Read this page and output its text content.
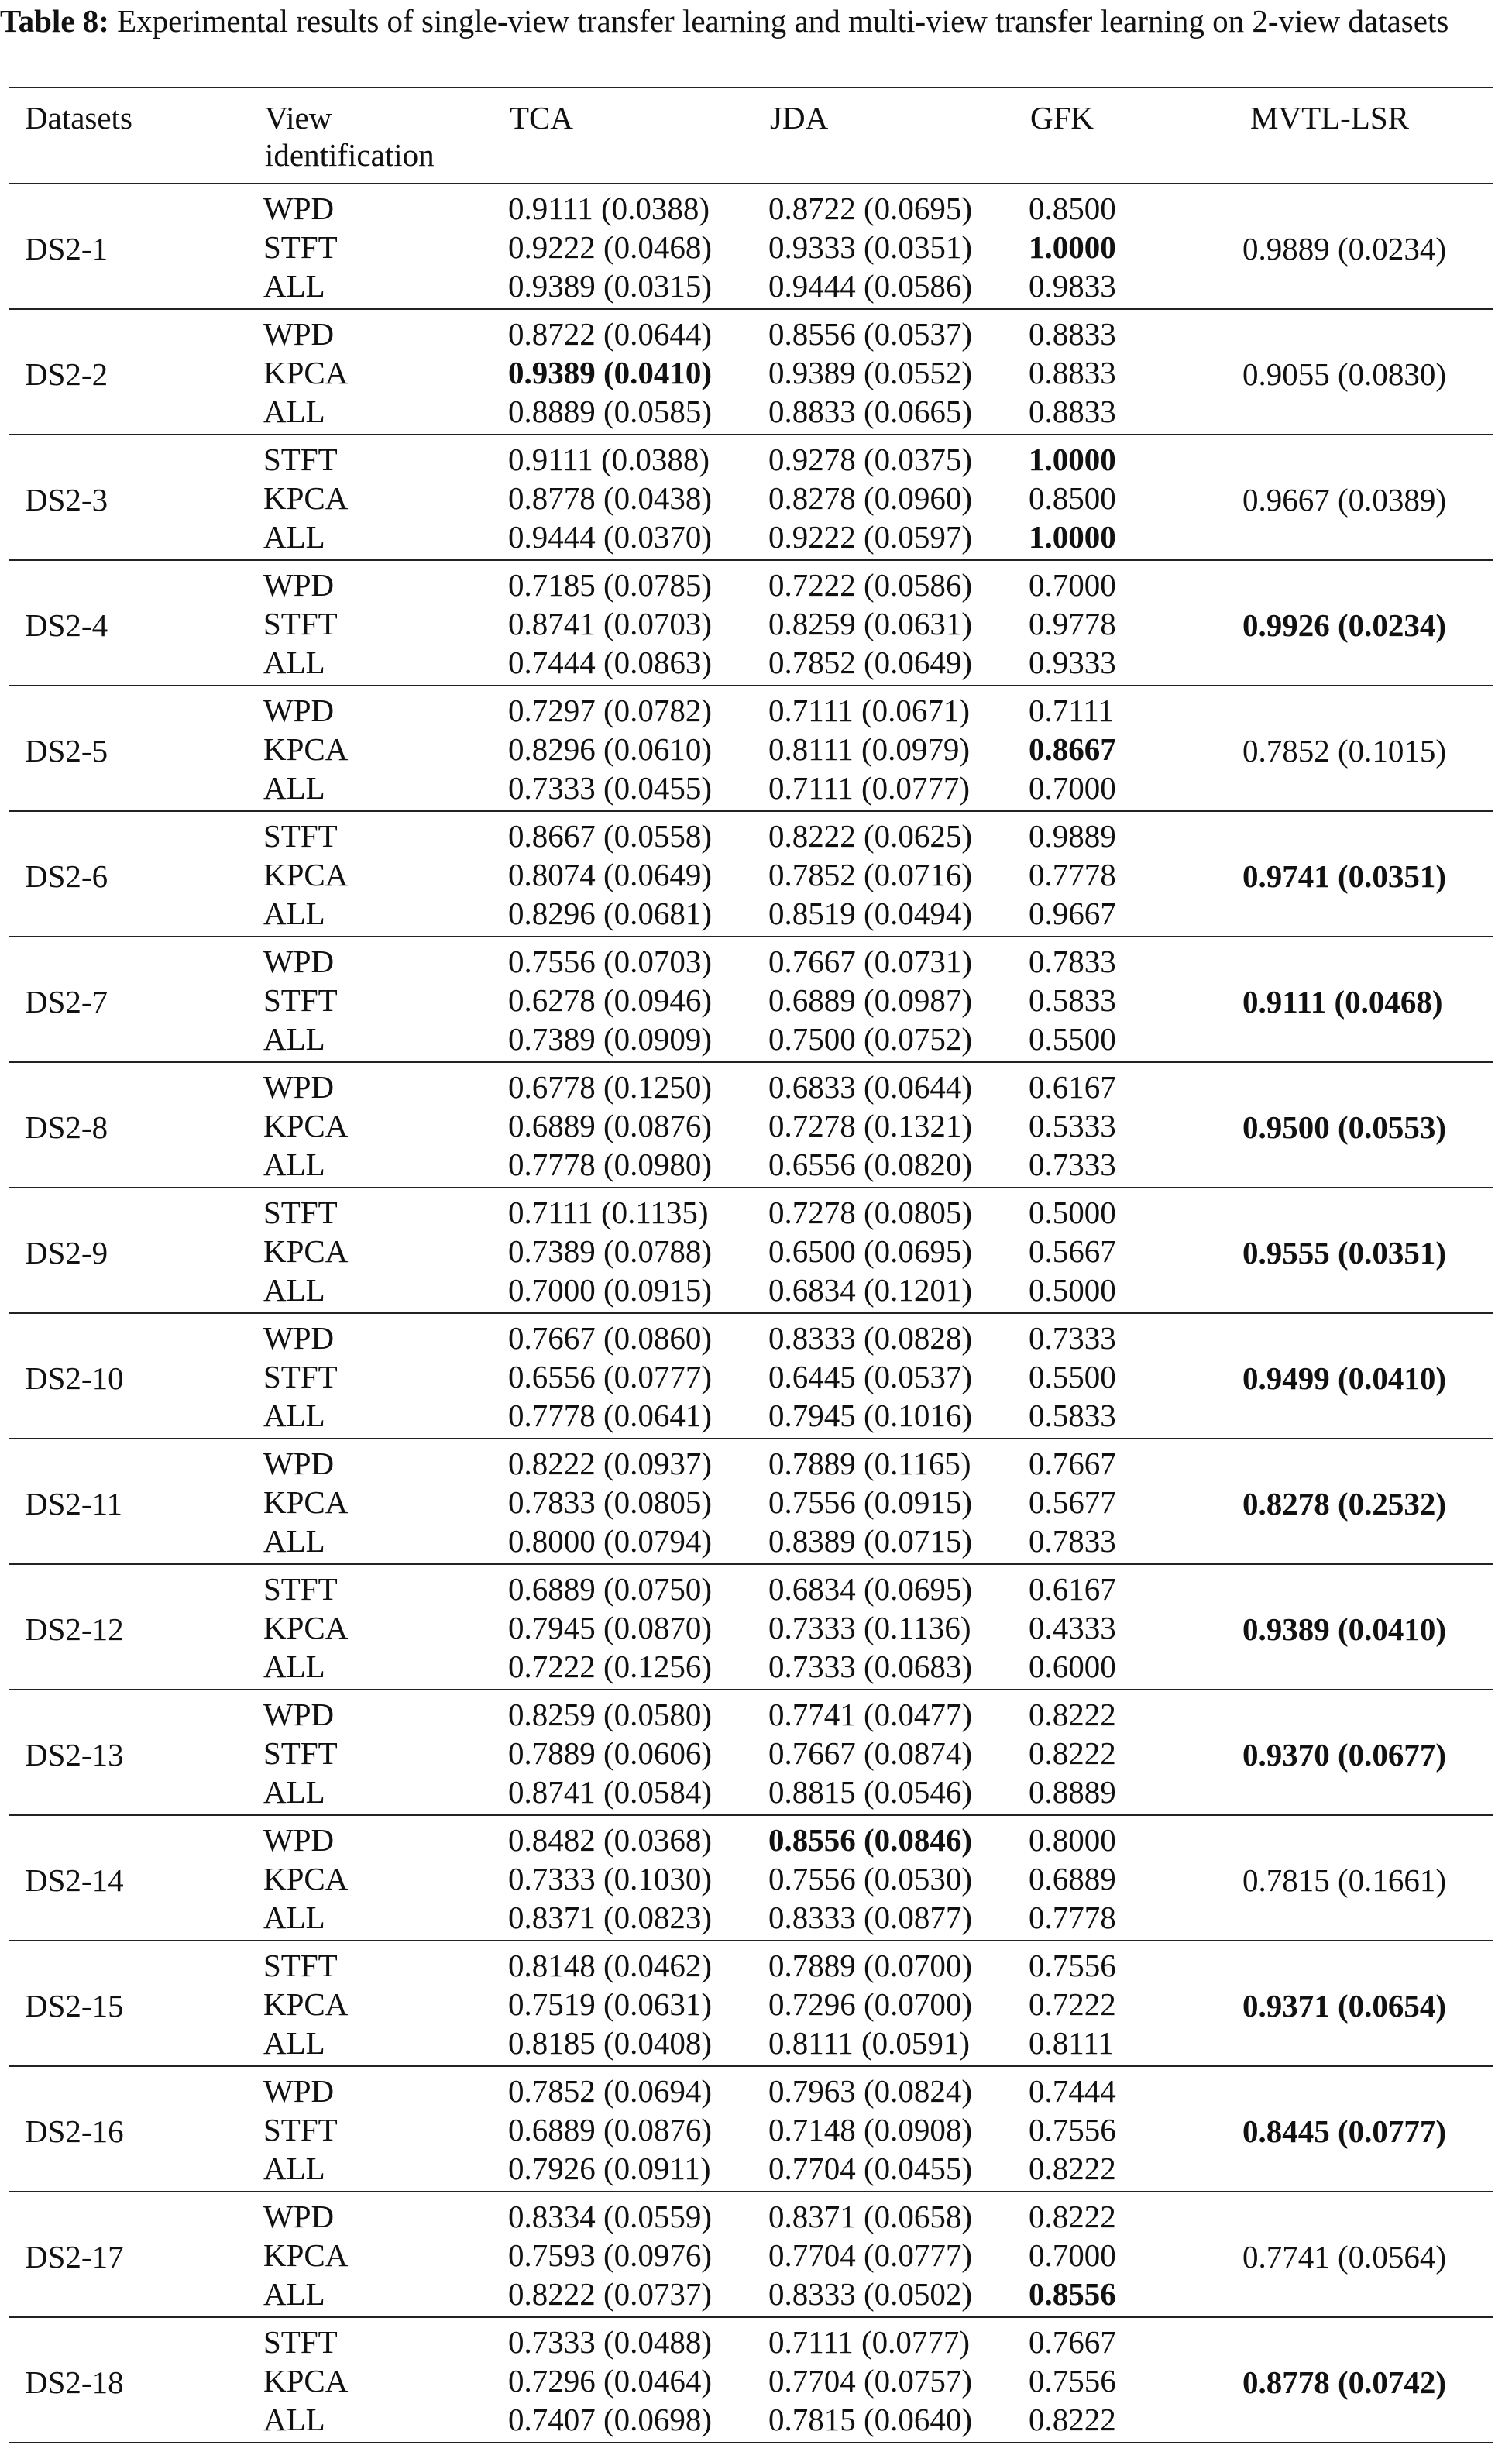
Table 8: Experimental results of single-view transfer learning and multi-view transfer learning on 2-view datasets
Datasets	View identification	TCA	JDA	GFK	MVTL-LSR
DS2-1	WPD	0.9111 (0.0388)	0.8722 (0.0695)	0.8500	0.9889 (0.0234)
	STFT	0.9222 (0.0468)	0.9333 (0.0351)	1.0000	
	ALL	0.9389 (0.0315)	0.9444 (0.0586)	0.9833	
DS2-2	WPD	0.8722 (0.0644)	0.8556 (0.0537)	0.8833	0.9055 (0.0830)
	KPCA	0.9389 (0.0410)	0.9389 (0.0552)	0.8833	
	ALL	0.8889 (0.0585)	0.8833 (0.0665)	0.8833	
DS2-3	STFT	0.9111 (0.0388)	0.9278 (0.0375)	1.0000	0.9667 (0.0389)
	KPCA	0.8778 (0.0438)	0.8278 (0.0960)	0.8500	
	ALL	0.9444 (0.0370)	0.9222 (0.0597)	1.0000	
DS2-4	WPD	0.7185 (0.0785)	0.7222 (0.0586)	0.7000	0.9926 (0.0234)
	STFT	0.8741 (0.0703)	0.8259 (0.0631)	0.9778	
	ALL	0.7444 (0.0863)	0.7852 (0.0649)	0.9333	
DS2-5	WPD	0.7297 (0.0782)	0.7111 (0.0671)	0.7111	0.7852 (0.1015)
	KPCA	0.8296 (0.0610)	0.8111 (0.0979)	0.8667	
	ALL	0.7333 (0.0455)	0.7111 (0.0777)	0.7000	
DS2-6	STFT	0.8667 (0.0558)	0.8222 (0.0625)	0.9889	0.9741 (0.0351)
	KPCA	0.8074 (0.0649)	0.7852 (0.0716)	0.7778	
	ALL	0.8296 (0.0681)	0.8519 (0.0494)	0.9667	
DS2-7	WPD	0.7556 (0.0703)	0.7667 (0.0731)	0.7833	0.9111 (0.0468)
	STFT	0.6278 (0.0946)	0.6889 (0.0987)	0.5833	
	ALL	0.7389 (0.0909)	0.7500 (0.0752)	0.5500	
DS2-8	WPD	0.6778 (0.1250)	0.6833 (0.0644)	0.6167	0.9500 (0.0553)
	KPCA	0.6889 (0.0876)	0.7278 (0.1321)	0.5333	
	ALL	0.7778 (0.0980)	0.6556 (0.0820)	0.7333	
DS2-9	STFT	0.7111 (0.1135)	0.7278 (0.0805)	0.5000	0.9555 (0.0351)
	KPCA	0.7389 (0.0788)	0.6500 (0.0695)	0.5667	
	ALL	0.7000 (0.0915)	0.6834 (0.1201)	0.5000	
DS2-10	WPD	0.7667 (0.0860)	0.8333 (0.0828)	0.7333	0.9499 (0.0410)
	STFT	0.6556 (0.0777)	0.6445 (0.0537)	0.5500	
	ALL	0.7778 (0.0641)	0.7945 (0.1016)	0.5833	
DS2-11	WPD	0.8222 (0.0937)	0.7889 (0.1165)	0.7667	0.8278 (0.2532)
	KPCA	0.7833 (0.0805)	0.7556 (0.0915)	0.5677	
	ALL	0.8000 (0.0794)	0.8389 (0.0715)	0.7833	
DS2-12	STFT	0.6889 (0.0750)	0.6834 (0.0695)	0.6167	0.9389 (0.0410)
	KPCA	0.7945 (0.0870)	0.7333 (0.1136)	0.4333	
	ALL	0.7222 (0.1256)	0.7333 (0.0683)	0.6000	
DS2-13	WPD	0.8259 (0.0580)	0.7741 (0.0477)	0.8222	0.9370 (0.0677)
	STFT	0.7889 (0.0606)	0.7667 (0.0874)	0.8222	
	ALL	0.8741 (0.0584)	0.8815 (0.0546)	0.8889	
DS2-14	WPD	0.8482 (0.0368)	0.8556 (0.0846)	0.8000	0.7815 (0.1661)
	KPCA	0.7333 (0.1030)	0.7556 (0.0530)	0.6889	
	ALL	0.8371 (0.0823)	0.8333 (0.0877)	0.7778	
DS2-15	STFT	0.8148 (0.0462)	0.7889 (0.0700)	0.7556	0.9371 (0.0654)
	KPCA	0.7519 (0.0631)	0.7296 (0.0700)	0.7222	
	ALL	0.8185 (0.0408)	0.8111 (0.0591)	0.8111	
DS2-16	WPD	0.7852 (0.0694)	0.7963 (0.0824)	0.7444	0.8445 (0.0777)
	STFT	0.6889 (0.0876)	0.7148 (0.0908)	0.7556	
	ALL	0.7926 (0.0911)	0.7704 (0.0455)	0.8222	
DS2-17	WPD	0.8334 (0.0559)	0.8371 (0.0658)	0.8222	0.7741 (0.0564)
	KPCA	0.7593 (0.0976)	0.7704 (0.0777)	0.7000	
	ALL	0.8222 (0.0737)	0.8333 (0.0502)	0.8556	
DS2-18	STFT	0.7333 (0.0488)	0.7111 (0.0777)	0.7667	0.8778 (0.0742)
	KPCA	0.7296 (0.0464)	0.7704 (0.0757)	0.7556	
	ALL	0.7407 (0.0698)	0.7815 (0.0640)	0.8222	
